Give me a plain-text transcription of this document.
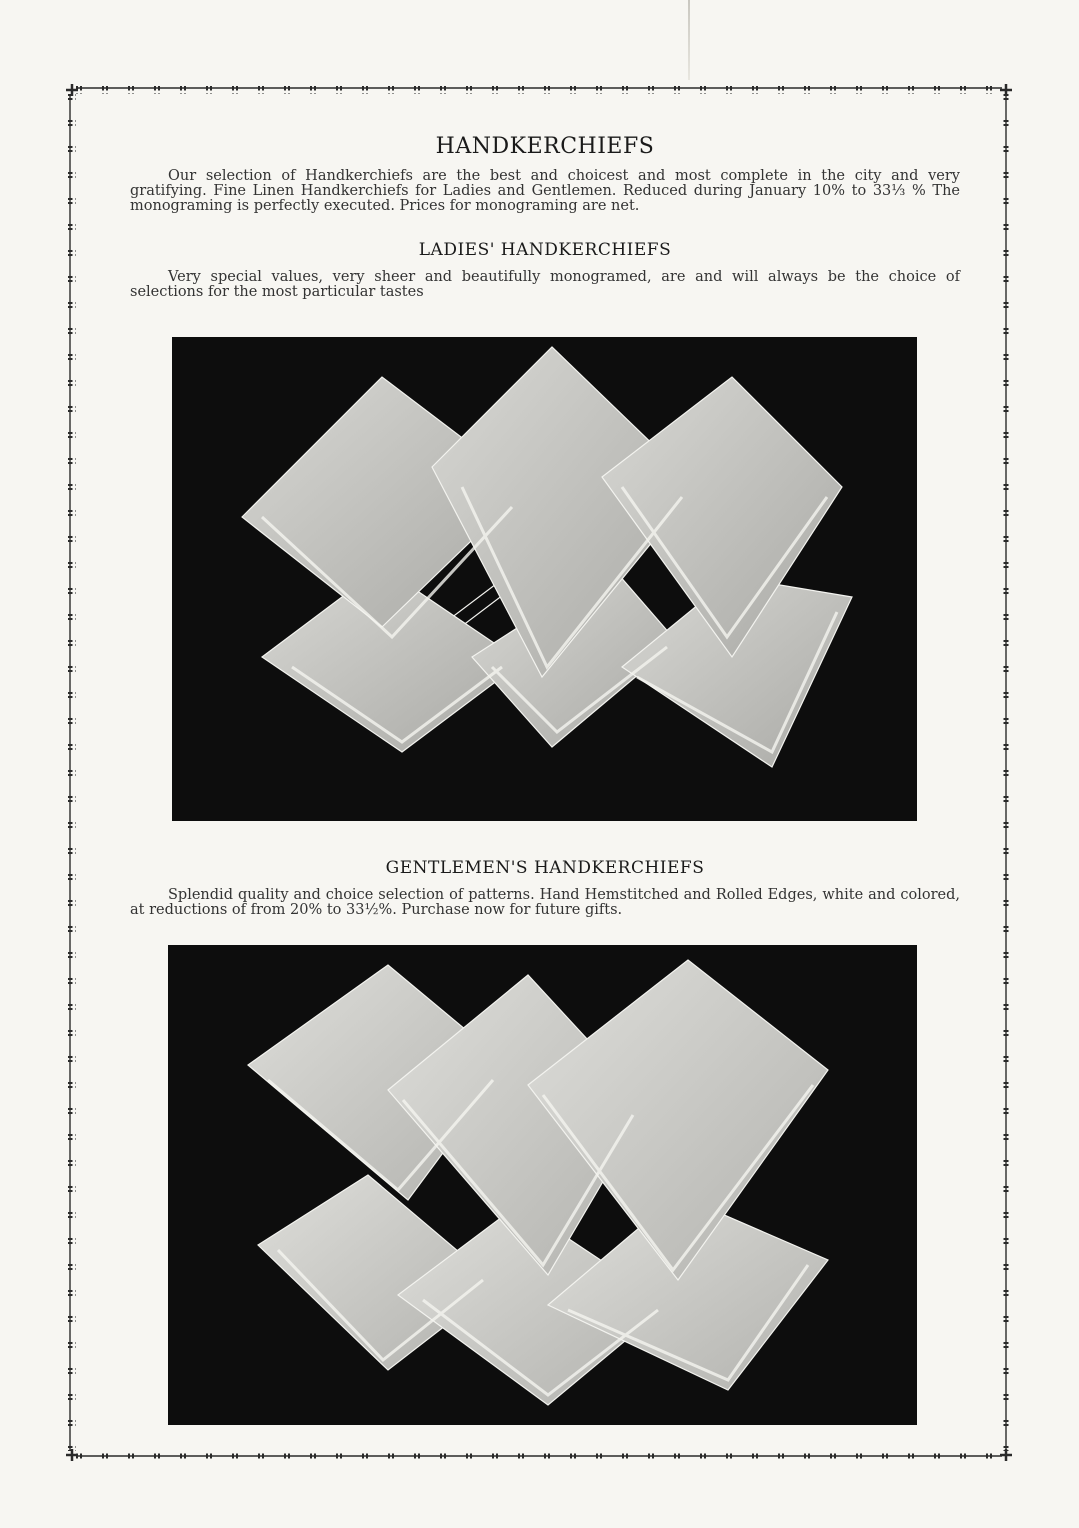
HANDKERCHIEFS

Our selection of Handkerchiefs are the best and choicest and most complete in the city and very gratifying. Fine Linen Handkerchiefs for Ladies and Gentlemen. Reduced during January 10% to 33⅓ % The monograming is perfectly executed. Prices for monograming are net.

LADIES' HANDKERCHIEFS

Very special values, very sheer and beautifully monogramed, are and will always be the choice of selections for the most particular tastes

GENTLEMEN'S HANDKERCHIEFS

Splendid quality and choice selection of patterns. Hand Hemstitched and Rolled Edges, white and colored, at reductions of from 20% to 33½%. Purchase now for future gifts.
